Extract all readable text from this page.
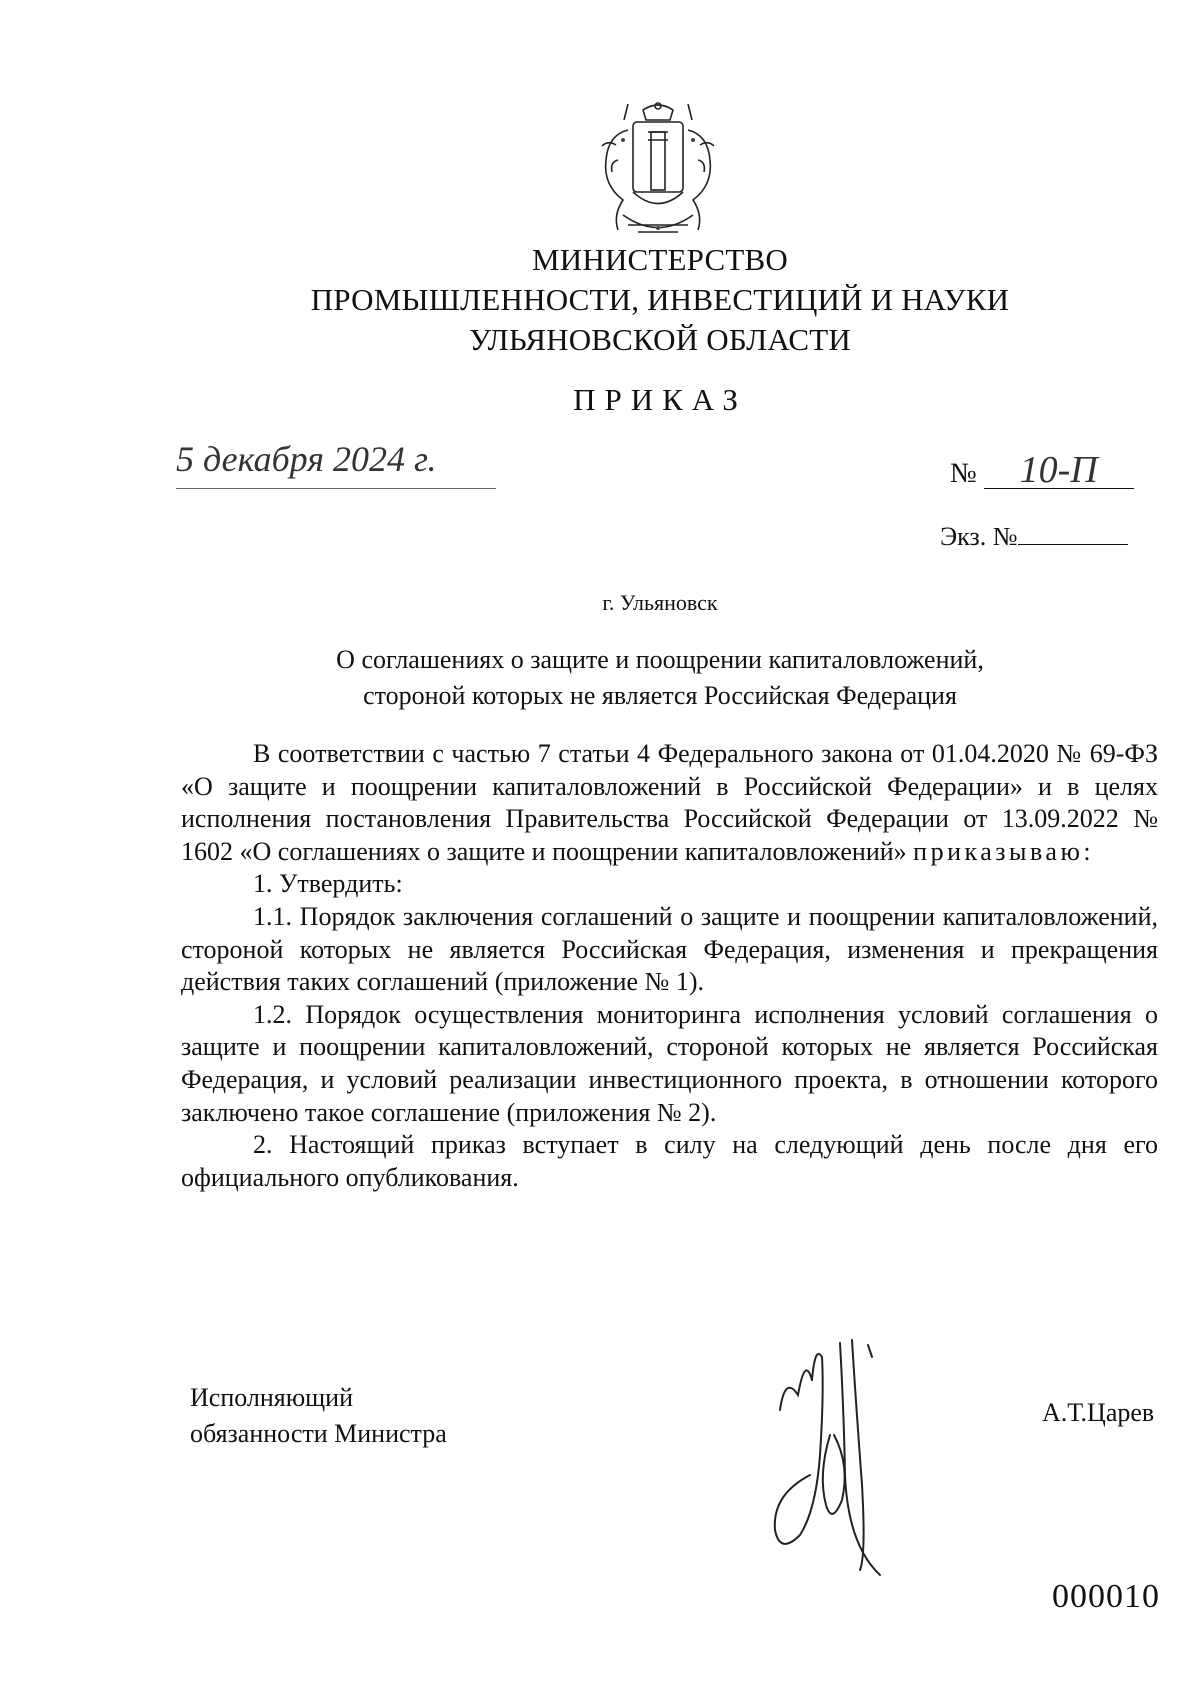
МИНИСТЕРСТВО
ПРОМЫШЛЕННОСТИ, ИНВЕСТИЦИЙ И НАУКИ
УЛЬЯНОВСКОЙ ОБЛАСТИ
ПРИКАЗ
5 декабря 2024 г.	№ 10-П
Экз. №
г. Ульяновск
О соглашениях о защите и поощрении капиталовложений,
стороной которых не является Российская Федерация

В соответствии с частью 7 статьи 4 Федерального закона от 01.04.2020 № 69-ФЗ «О защите и поощрении капиталовложений в Российской Федерации» и в целях исполнения постановления Правительства Российской Федерации от 13.09.2022 № 1602 «О соглашениях о защите и поощрении капиталовложений» приказываю:

1. Утвердить:

1.1. Порядок заключения соглашений о защите и поощрении капиталовложений, стороной которых не является Российская Федерация, изменения и прекращения действия таких соглашений (приложение № 1).

1.2. Порядок осуществления мониторинга исполнения условий соглашения о защите и поощрении капиталовложений, стороной которых не является Российская Федерация, и условий реализации инвестиционного проекта, в отношении которого заключено такое соглашение (приложения № 2).

2. Настоящий приказ вступает в силу на следующий день после дня его официального опубликования.

Исполняющий
обязанности Министра
А.Т.Царев
000010
